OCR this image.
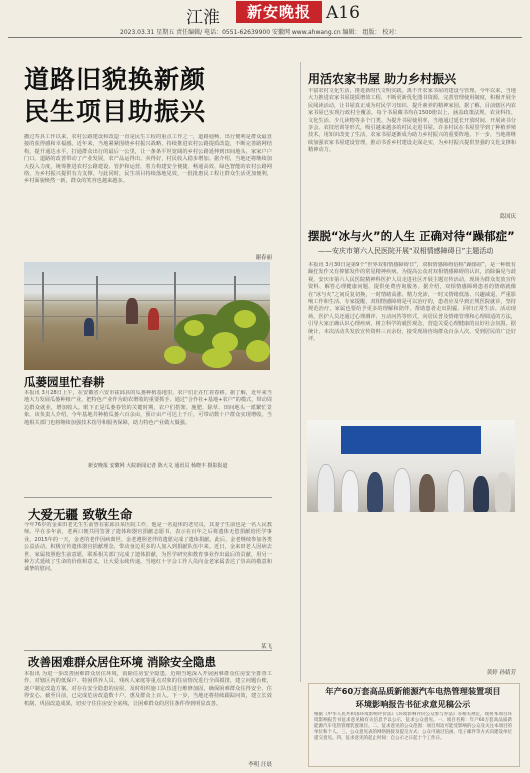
江淮	新安晚报 A16
2023.03.31 星期五 责任编辑/ 电话：0551-62639900 安徽网 www.ahwang.cn 编辑： 组版： 校对：
道路旧貌换新颜
民生项目助振兴
撒过寿县工作以来，农村公路建设和改造一直是民生工程的重点工作之一，道路通畅、出行便利是群众最直接的获得感和幸福感。近年来，当地紧紧围绕乡村振兴战略，持续推进农村公路提质改造，不断完善路网结构，提升通达水平，打通群众出行的最后一公里，让一条条平坦宽阔的乡村公路延伸到田间地头、家家户户门口。道路的改善带动了产业发展，农产品运得出、卖得好，村民收入稳步增加。据介绍，当地还将继续加大投入力度，统筹推进农村公路建设、管护和运营，着力构建安全便捷、畅通高效、绿色智能的农村公路网络，为乡村振兴提供有力支撑。与此同时，民生项目持续落地见效，一批批惠民工程让群众生活更加便利，乡村面貌焕然一新，群众的笑容也越来越多。
谢春丽
瓜蒌园里忙春耕
本报讯 3月28日上午，在安徽省六安市霍邱县的瓜蒌种植基地里，农户们正在忙着春耕。据了解，近年来当地大力发展瓜蒌种植产业，把特色产业作为助农增收的重要抓手，通过“合作社+基地+农户”的模式，带动周边群众就业，增加收入。眼下正是瓜蒌春管的关键时期，农户们搭架、施肥、除草，田间地头一派繁忙景象。该负责人介绍，今年基地共种植瓜蒌六百余亩，预计亩产可达上千斤，可带动数十户群众实现增收。当地相关部门也将继续加强技术指导和服务保障，助力特色产业做大做强。
新安晚报 安徽网 大皖新闻记者 陈大文 通讯员 杨晓丰 摄影报道
大爱无疆 致敬生命
今年76岁的金来田老先生生前曾在霍邱县某医院工作，他是一名退休的老党员，其妻子生前也是一名人民教师。早在多年前，老两口便共同签署了遗体和器官捐献志愿书，表示在百年之后将遗体无偿捐献给医学事业。2015年的一天，金老的老伴因病离世，金老遵照老伴的遗愿完成了遗体捐献。此后，金老继续参加各类公益活动，积极宣传遗体器官捐献理念，带动身边更多的人加入到捐献队伍中来。近日，金来田老人因病去世，家属按照他生前意愿，联系相关部门完成了遗体捐献，为医学研究和教育事业作出最后的贡献，用另一种方式延续了生命的价值和意义，让大爱永续传递。当地红十字会工作人员向金老家属表达了崇高的敬意和诚挚的慰问。
某飞
改善困难群众居住环境 消除安全隐患
本报讯 为进一步改善困难群众居住环境，消除住房安全隐患，近期当地深入开展困难群众住房安全排查工作，对辖区内的低保户、特困供养人员、残疾人家庭等重点对象的住房情况进行全面摸排，建立问题台账，逐户制定改造方案。对存在安全隐患的房屋，及时组织施工队伍进行维修加固，确保困难群众住得安全、住得安心。截至目前，已完成危房改造数十户，惠及群众上百人。下一步，当地还将持续跟踪问效，建立长效机制，巩固改造成果，切实守住住房安全底线，让困难群众的居住条件得到明显改善。
李明 汪晨
用活农家书屋 助力乡村振兴
丰富农村文化生活，推进新时代文明实践，离不开农家书屋的建设与管理。今年以来，当地大力推进农家书屋提质增效工程，不断更新优化图书资源，完善管理使用制度，积极开展全民阅读活动，让书屋真正成为村民学习知识、提升素养的精神家园。据了解，目前辖区内农家书屋已实现行政村全覆盖，每个书屋藏书均在1500册以上，涵盖政策法规、农业科技、文化生活、少儿读物等多个门类。为提升书屋使用率，当地通过延长开放时间、开展读书分享会、农技培训等形式，吸引越来越多的村民走进书屋。许多村民在书屋里学到了种植养殖技术，用知识改变了生活，农家书屋逐渐成为助力乡村振兴的重要阵地。下一步，当地将继续加强农家书屋建设管理，推动书香乡村建设走深走实，为乡村振兴提供坚强的文化支撑和精神动力。
葛国庆
摆脱“冰与火”的人生 正确对待“躁郁症”
——安庆市第六人民医院开展“双相情感障碍日”主题活动
本报讯 3月30日是第9个“世界双相情感障碍日”，双相情感障碍俗称“躁郁症”，是一种既有躁狂发作又有抑郁发作的常见精神疾病。为提高公众对双相情感障碍的认识，消除偏见与歧视，安庆市第六人民医院精神科医护人员走进社区开展主题宣传活动，现场为群众发放宣传资料、解答心理健康问题、提供免费咨询服务。据介绍，双相情感障碍患者的情绪就像在“冰与火”之间反复切换，一时情绪高涨、精力充沛，一时又情绪低落、兴趣减退，严重影响工作和生活。专家提醒，双相情感障碍是可以治疗的，患者应及早到正规医院就诊，坚持规范治疗，家属也要给予更多的理解和陪伴，帮助患者走出阴霾、回归正常生活。活动现场，医护人员还通过心理测评、互动问答等形式，向居民普及情绪管理和心理调适的方法，引导大家正确认识心理疾病，树立科学的就医观念，营造关爱心理健康的良好社会氛围。据统计，本次活动共发放宣传资料三百余份，接受现场咨询群众百余人次，受到居民的广泛好评。
黄婷 孙婧芳
年产60万套高品质新能源汽车电热管理装置项目
环境影响报告书征求意见稿公示
根据《中华人民共和国环境影响评价法》《环境影响评价公众参与办法》等相关规定，现将本项目环境影响报告书征求意见稿有关信息予以公示，征求公众意见。一、项目名称：年产60万套高品质新能源汽车电热管理装置项目。二、征求意见的公众范围：项目周边可能受影响的公众及关注本项目的单位和个人。三、公众意见表的网络链接及提交方式：公众可通过信函、电子邮件等方式向建设单位提交意见。四、征求意见的起止时间：自公示之日起十个工作日。
